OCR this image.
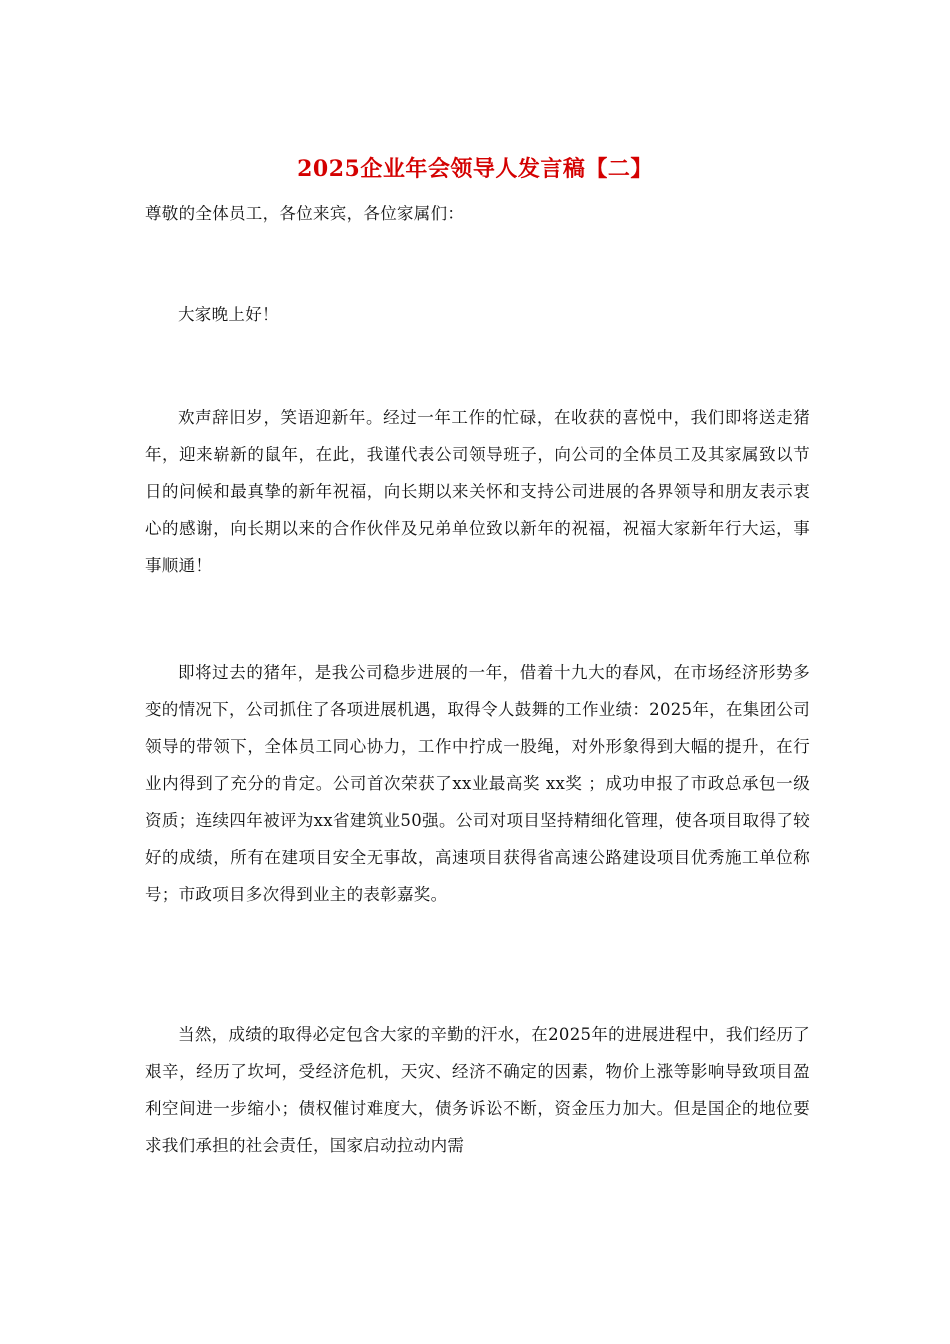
2025企业年会领导人发言稿【二】
尊敬的全体员工，各位来宾，各位家属们：
大家晚上好！
欢声辞旧岁，笑语迎新年。经过一年工作的忙碌，在收获的喜悦中，我们即将送走猪年，迎来崭新的鼠年，在此，我谨代表公司领导班子，向公司的全体员工及其家属致以节日的问候和最真挚的新年祝福，向长期以来关怀和支持公司进展的各界领导和朋友表示衷心的感谢，向长期以来的合作伙伴及兄弟单位致以新年的祝福，祝福大家新年行大运，事事顺通！
即将过去的猪年，是我公司稳步进展的一年，借着十九大的春风，在市场经济形势多变的情况下，公司抓住了各项进展机遇，取得令人鼓舞的工作业绩：2025年，在集团公司领导的带领下，全体员工同心协力，工作中拧成一股绳，对外形象得到大幅的提升，在行业内得到了充分的肯定。公司首次荣获了xx业最高奖 xx奖 ；成功申报了市政总承包一级资质；连续四年被评为xx省建筑业50强。公司对项目坚持精细化管理，使各项目取得了较好的成绩，所有在建项目安全无事故，高速项目获得省高速公路建设项目优秀施工单位称号；市政项目多次得到业主的表彰嘉奖。
当然，成绩的取得必定包含大家的辛勤的汗水，在2025年的进展进程中，我们经历了艰辛，经历了坎坷，受经济危机，天灾、经济不确定的因素，物价上涨等影响导致项目盈利空间进一步缩小；债权催讨难度大，债务诉讼不断，资金压力加大。但是国企的地位要求我们承担的社会责任，国家启动拉动内需
